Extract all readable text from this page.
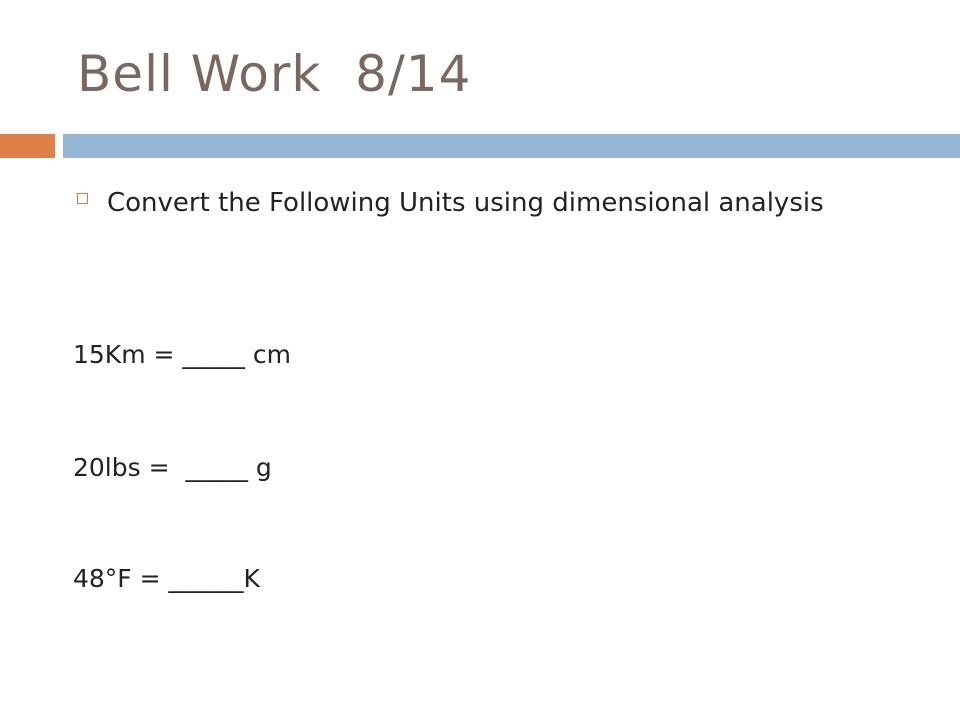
Bell Work  8/14
Convert the Following Units using dimensional analysis
15Km = _____ cm
20lbs =  _____ g
48°F = ______K
